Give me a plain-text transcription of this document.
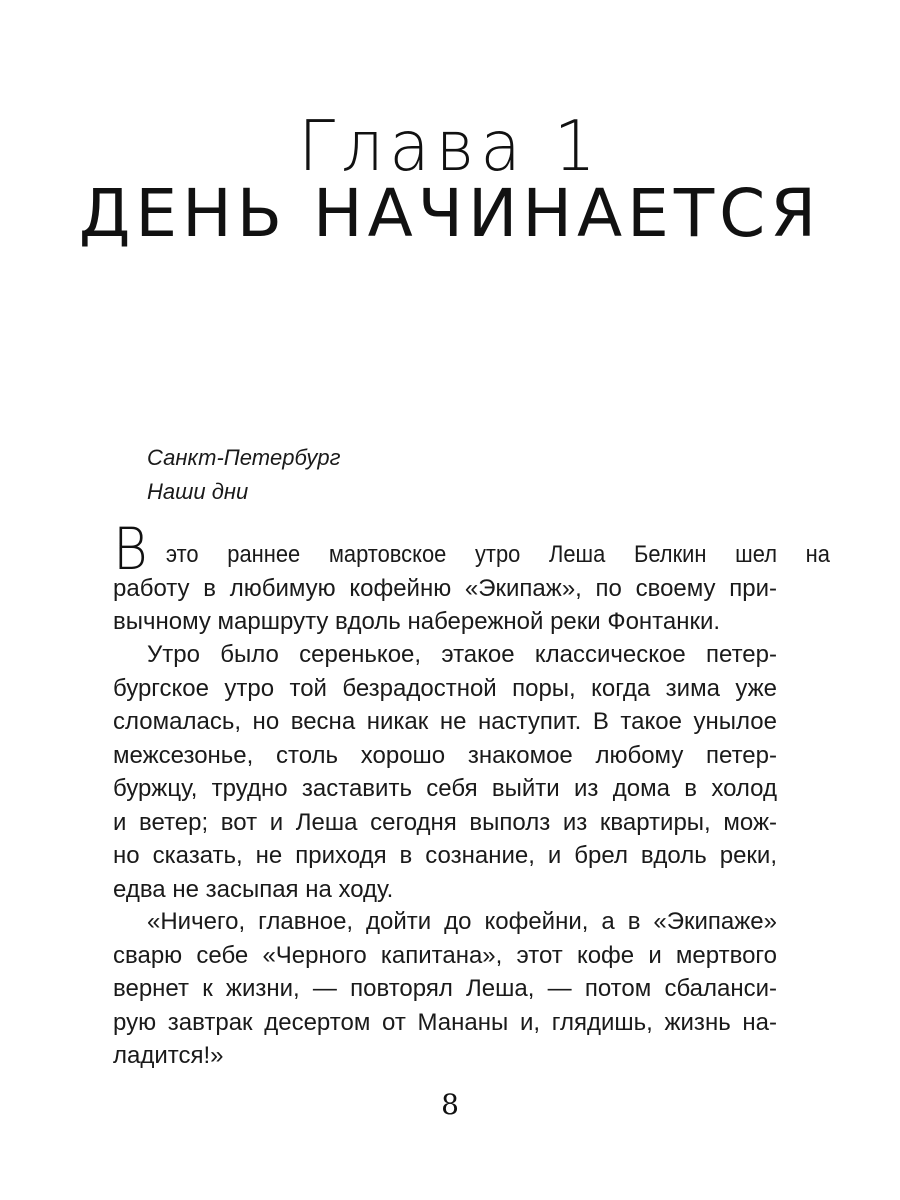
Глава 1
ДЕНЬ НАЧИНАЕТСЯ
Санкт-Петербург
Наши дни
В это раннее мартовское утро Леша Белкин шел на
работу в любимую кофейню «Экипаж», по своему при-
вычному маршруту вдоль набережной реки Фонтанки.
Утро было серенькое, этакое классическое петер-
бургское утро той безрадостной поры, когда зима уже
сломалась, но весна никак не наступит. В такое унылое
межсезонье, столь хорошо знакомое любому петер-
буржцу, трудно заставить себя выйти из дома в холод
и ветер; вот и Леша сегодня выполз из квартиры, мож-
но сказать, не приходя в сознание, и брел вдоль реки,
едва не засыпая на ходу.
«Ничего, главное, дойти до кофейни, а в «Экипаже»
сварю себе «Черного капитана», этот кофе и мертвого
вернет к жизни, — повторял Леша, — потом сбаланси-
рую завтрак десертом от Мананы и, глядишь, жизнь на-
ладится!»
8
